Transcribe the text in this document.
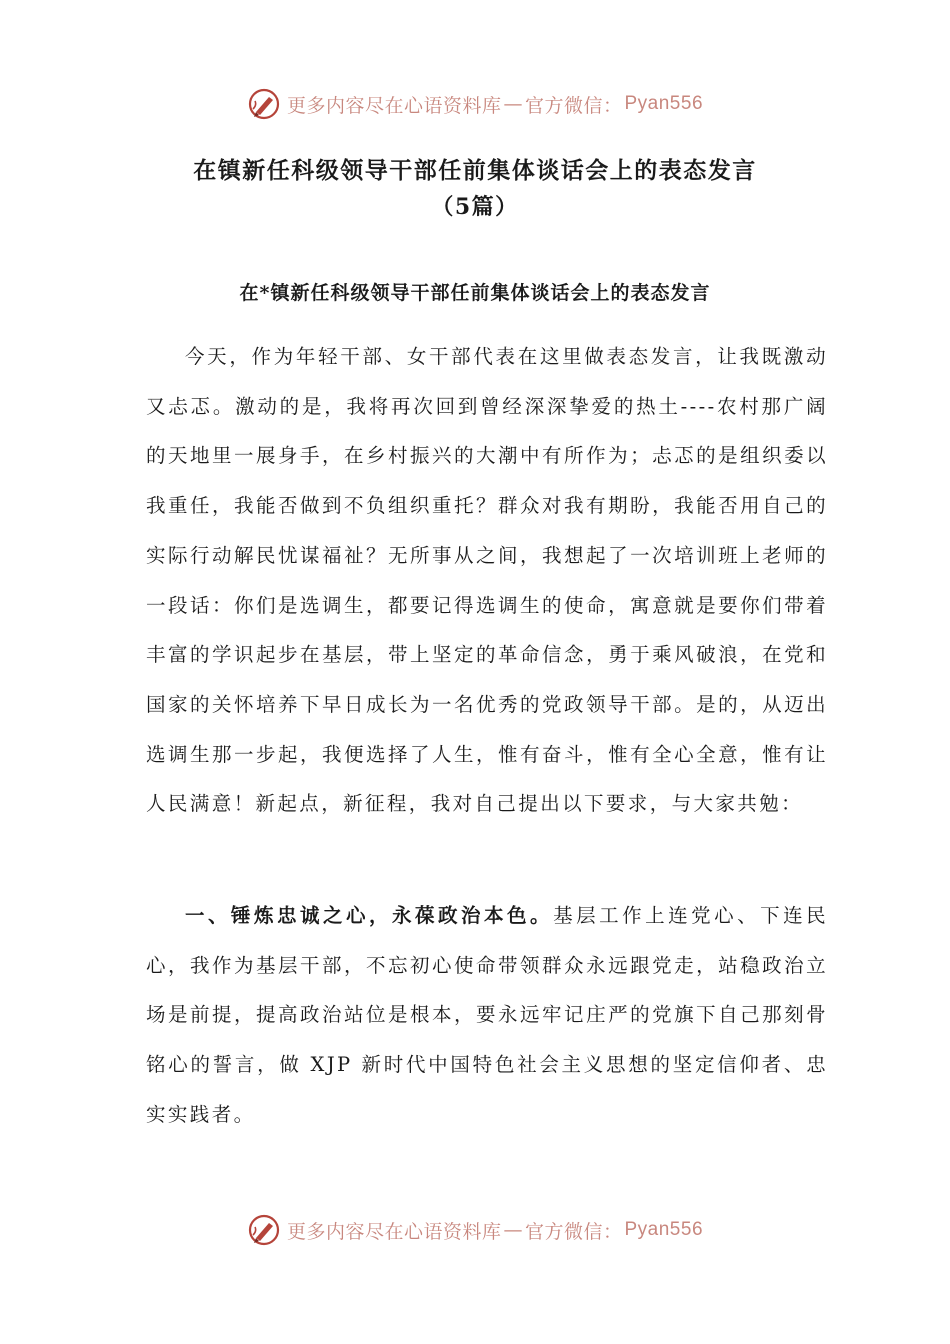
更多内容尽在心语资料库 — 官方微信： Pyan556
在镇新任科级领导干部任前集体谈话会上的表态发言
（5篇）
在*镇新任科级领导干部任前集体谈话会上的表态发言

今天，作为年轻干部、女干部代表在这里做表态发言，让我既激动又忐忑。激动的是，我将再次回到曾经深深挚爱的热土----农村那广阔的天地里一展身手，在乡村振兴的大潮中有所作为；忐忑的是组织委以我重任，我能否做到不负组织重托？群众对我有期盼，我能否用自己的实际行动解民忧谋福祉？无所事从之间，我想起了一次培训班上老师的一段话：你们是选调生，都要记得选调生的使命，寓意就是要你们带着丰富的学识起步在基层，带上坚定的革命信念，勇于乘风破浪，在党和国家的关怀培养下早日成长为一名优秀的党政领导干部。是的，从迈出选调生那一步起，我便选择了人生，惟有奋斗，惟有全心全意，惟有让人民满意！新起点，新征程，我对自己提出以下要求，与大家共勉：

一、锤炼忠诚之心，永葆政治本色。基层工作上连党心、下连民心，我作为基层干部，不忘初心使命带领群众永远跟党走，站稳政治立场是前提，提高政治站位是根本，要永远牢记庄严的党旗下自己那刻骨铭心的誓言，做 XJP 新时代中国特色社会主义思想的坚定信仰者、忠实实践者。

更多内容尽在心语资料库 — 官方微信： Pyan556
